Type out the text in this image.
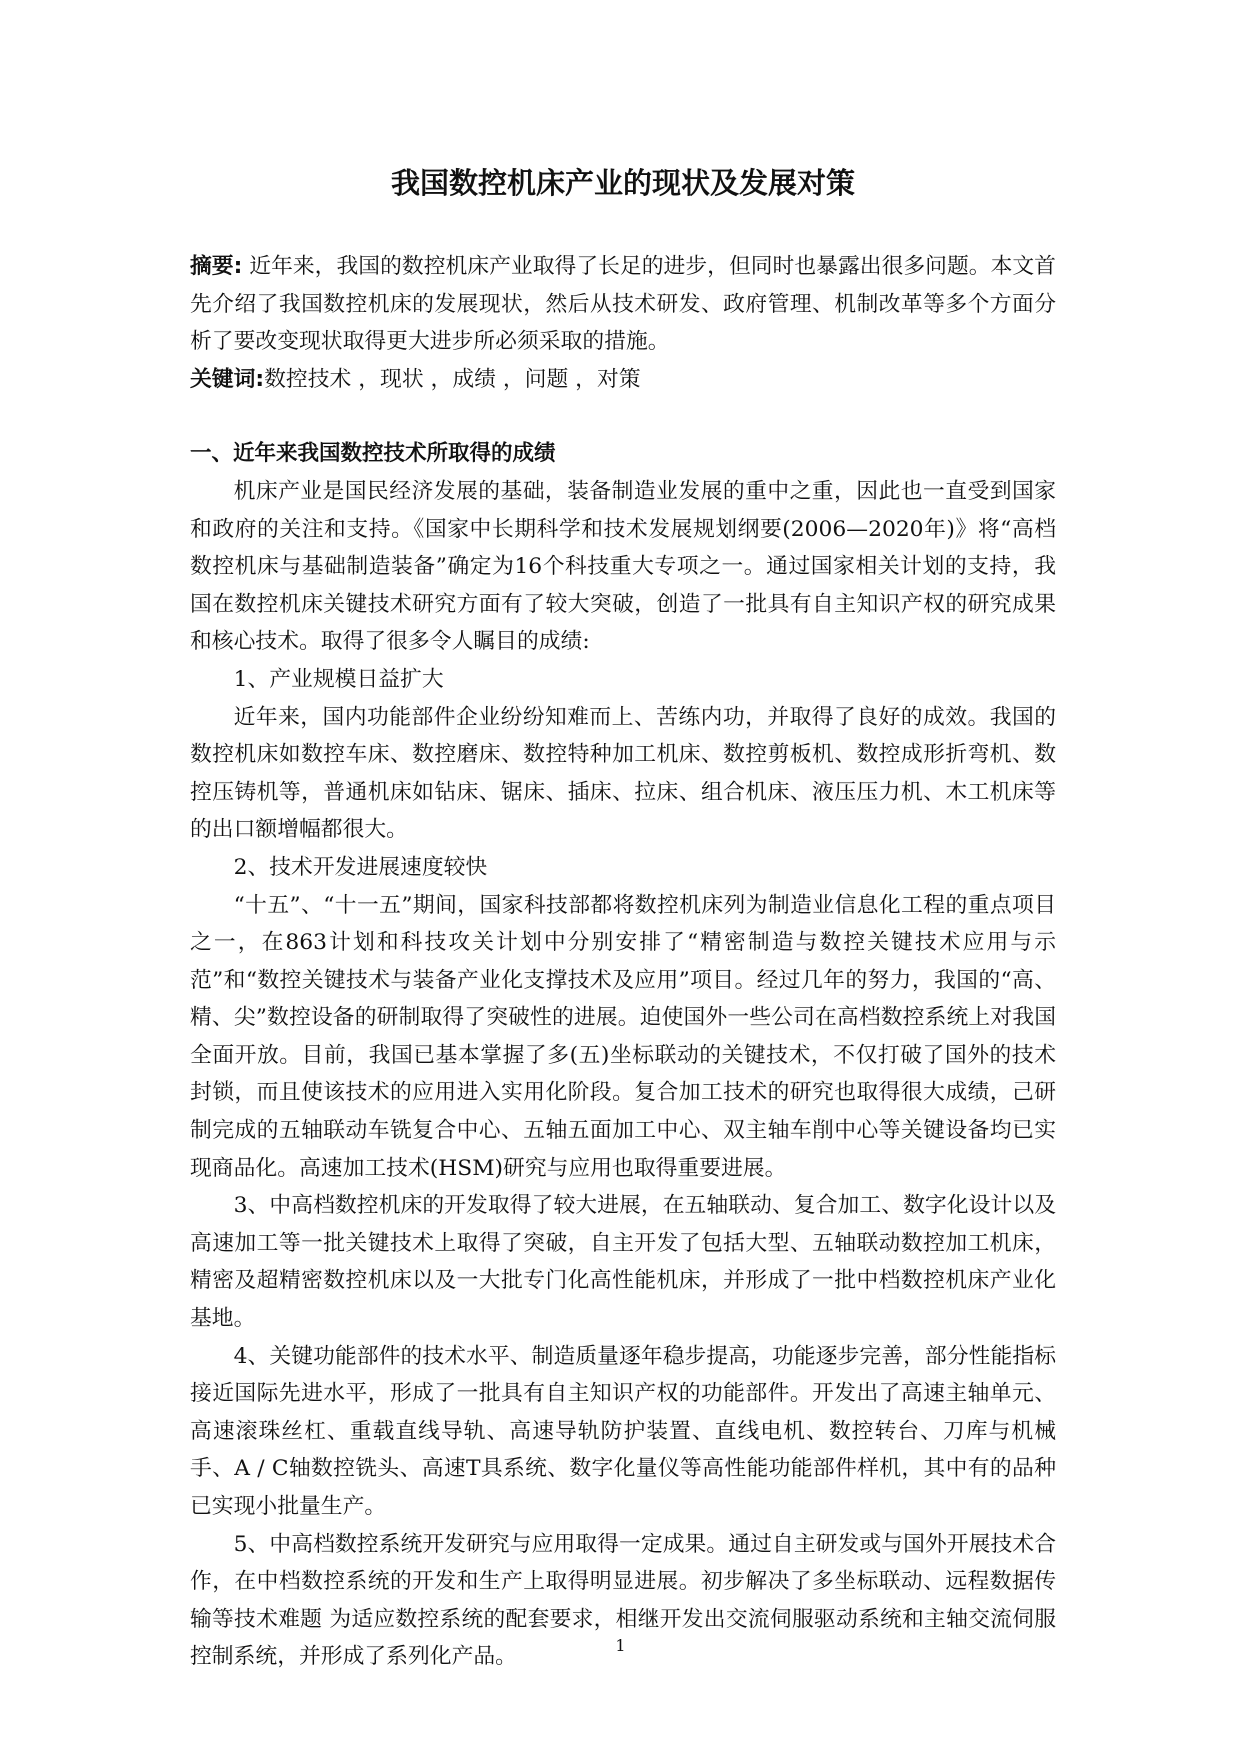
我国数控机床产业的现状及发展对策

摘要: 近年来，我国的数控机床产业取得了长足的进步，但同时也暴露出很多问题。本文首先介绍了我国数控机床的发展现状，然后从技术研发、政府管理、机制改革等多个方面分析了要改变现状取得更大进步所必须采取的措施。

关键词:数控技术 ，现状 ，成绩 ，问题 ，对策

一、近年来我国数控技术所取得的成绩

机床产业是国民经济发展的基础，装备制造业发展的重中之重，因此也一直受到国家和政府的关注和支持。《国家中长期科学和技术发展规划纲要(2006—2020年)》将“高档数控机床与基础制造装备”确定为16个科技重大专项之一。通过国家相关计划的支持，我国在数控机床关键技术研究方面有了较大突破，创造了一批具有自主知识产权的研究成果和核心技术。取得了很多令人瞩目的成绩:

1、产业规模日益扩大

近年来，国内功能部件企业纷纷知难而上、苦练内功，并取得了良好的成效。我国的数控机床如数控车床、数控磨床、数控特种加工机床、数控剪板机、数控成形折弯机、数控压铸机等，普通机床如钻床、锯床、插床、拉床、组合机床、液压压力机、木工机床等的出口额增幅都很大。

2、技术开发进展速度较快

“十五”、“十一五”期间，国家科技部都将数控机床列为制造业信息化工程的重点项目之一，在863计划和科技攻关计划中分别安排了“精密制造与数控关键技术应用与示范”和“数控关键技术与装备产业化支撑技术及应用”项目。经过几年的努力，我国的“高、精、尖”数控设备的研制取得了突破性的进展。迫使国外一些公司在高档数控系统上对我国全面开放。目前，我国已基本掌握了多(五)坐标联动的关键技术，不仅打破了国外的技术封锁，而且使该技术的应用进入实用化阶段。复合加工技术的研究也取得很大成绩，己研制完成的五轴联动车铣复合中心、五轴五面加工中心、双主轴车削中心等关键设备均已实现商品化。高速加工技术(HSM)研究与应用也取得重要进展。

3、中高档数控机床的开发取得了较大进展，在五轴联动、复合加工、数字化设计以及高速加工等一批关键技术上取得了突破，自主开发了包括大型、五轴联动数控加工机床，精密及超精密数控机床以及一大批专门化高性能机床，并形成了一批中档数控机床产业化基地。

4、关键功能部件的技术水平、制造质量逐年稳步提高，功能逐步完善，部分性能指标接近国际先进水平，形成了一批具有自主知识产权的功能部件。开发出了高速主轴单元、高速滚珠丝杠、重载直线导轨、高速导轨防护装置、直线电机、数控转台、刀库与机械手、A / C轴数控铣头、高速T具系统、数字化量仪等高性能功能部件样机，其中有的品种已实现小批量生产。

5、中高档数控系统开发研究与应用取得一定成果。通过自主研发或与国外开展技术合作，在中档数控系统的开发和生产上取得明显进展。初步解决了多坐标联动、远程数据传输等技术难题 为适应数控系统的配套要求，相继开发出交流伺服驱动系统和主轴交流伺服控制系统，并形成了系列化产品。	1
